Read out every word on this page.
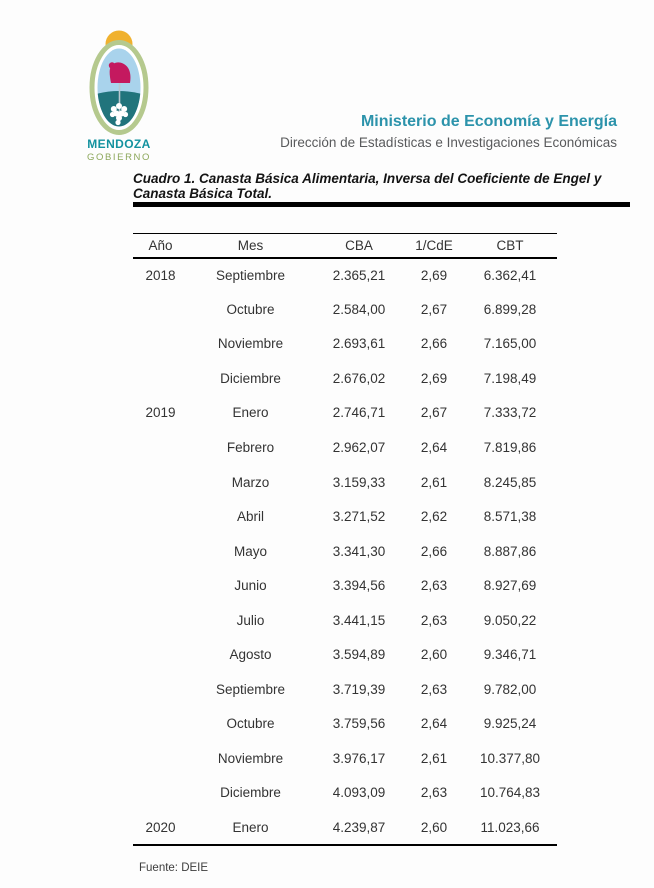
MENDOZA
GOBIERNO
Ministerio de Economía y Energía
Dirección de Estadísticas e Investigaciones Económicas
Cuadro 1. Canasta Básica Alimentaria, Inversa del Coeficiente de Engel y
Canasta Básica Total.
Año	Mes	CBA	1/CdE	CBT
2018	Septiembre	2.365,21	2,69	6.362,41
	Octubre	2.584,00	2,67	6.899,28
	Noviembre	2.693,61	2,66	7.165,00
	Diciembre	2.676,02	2,69	7.198,49
2019	Enero	2.746,71	2,67	7.333,72
	Febrero	2.962,07	2,64	7.819,86
	Marzo	3.159,33	2,61	8.245,85
	Abril	3.271,52	2,62	8.571,38
	Mayo	3.341,30	2,66	8.887,86
	Junio	3.394,56	2,63	8.927,69
	Julio	3.441,15	2,63	9.050,22
	Agosto	3.594,89	2,60	9.346,71
	Septiembre	3.719,39	2,63	9.782,00
	Octubre	3.759,56	2,64	9.925,24
	Noviembre	3.976,17	2,61	10.377,80
	Diciembre	4.093,09	2,63	10.764,83
2020	Enero	4.239,87	2,60	11.023,66
Fuente: DEIE
